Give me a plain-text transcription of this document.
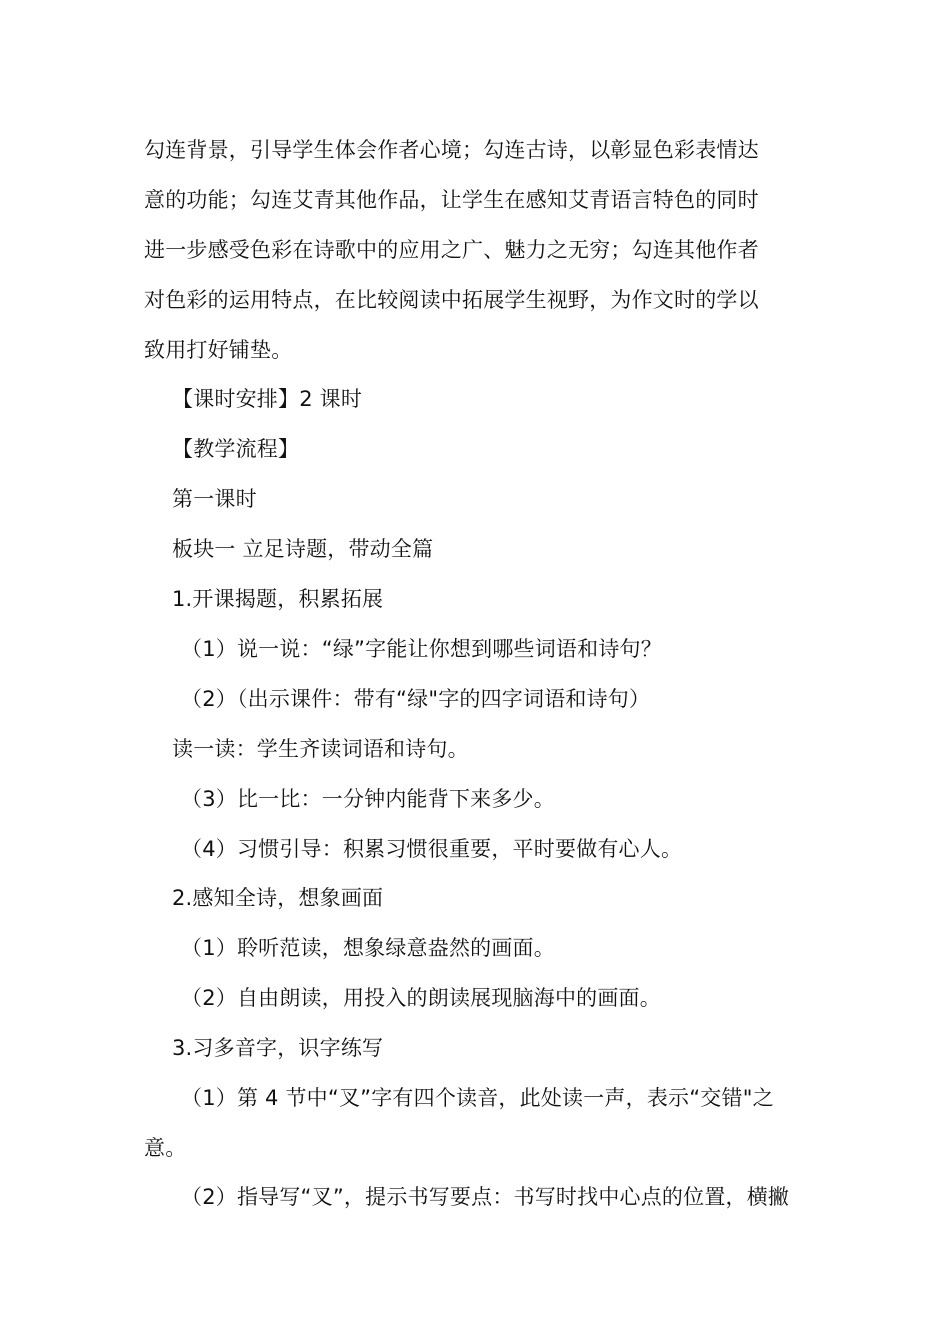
勾连背景，引导学生体会作者心境；勾连古诗，以彰显色彩表情达
意的功能；勾连艾青其他作品，让学生在感知艾青语言特色的同时
进一步感受色彩在诗歌中的应用之广、魅力之无穷；勾连其他作者
对色彩的运用特点，在比较阅读中拓展学生视野，为作文时的学以
致用打好铺垫。
【课时安排】2 课时
【教学流程】
第一课时
板块一 立足诗题，带动全篇
1.开课揭题，积累拓展
（1）说一说：“绿”字能让你想到哪些词语和诗句？
（2）（出示课件：带有“绿"字的四字词语和诗句）
读一读：学生齐读词语和诗句。
（3）比一比：一分钟内能背下来多少。
（4）习惯引导：积累习惯很重要，平时要做有心人。
2.感知全诗，想象画面
（1）聆听范读，想象绿意盎然的画面。
（2）自由朗读，用投入的朗读展现脑海中的画面。
3.习多音字，识字练写
（1）第 4 节中“叉”字有四个读音，此处读一声，表示“交错"之
意。
（2）指导写“叉”，提示书写要点：书写时找中心点的位置，横撇
